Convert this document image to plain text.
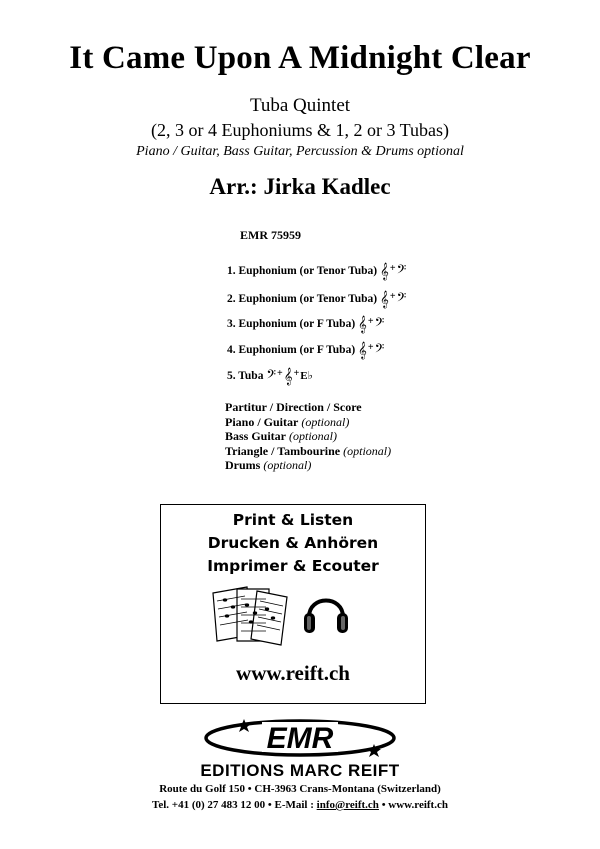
It Came Upon A Midnight Clear
Tuba Quintet
(2, 3 or 4 Euphoniums & 1, 2 or 3 Tubas)
Piano / Guitar, Bass Guitar, Percussion & Drums optional
Arr.: Jirka Kadlec
EMR 75959
1. Euphonium (or Tenor Tuba) 𝄞+𝄢
2. Euphonium (or Tenor Tuba) 𝄞+𝄢
3. Euphonium (or F Tuba) 𝄞+𝄢
4. Euphonium (or F Tuba) 𝄞+𝄢
5. Tuba 𝄢+𝄞+E♭
Partitur / Direction / Score
Piano / Guitar (optional)
Bass Guitar (optional)
Triangle / Tambourine (optional)
Drums (optional)
Print & Listen
Drucken & Anhören
Imprimer & Ecouter
www.reift.ch
EMR
EDITIONS MARC REIFT
Route du Golf 150 • CH-3963 Crans-Montana (Switzerland)
Tel. +41 (0) 27 483 12 00 • E-Mail : info@reift.ch • www.reift.ch
